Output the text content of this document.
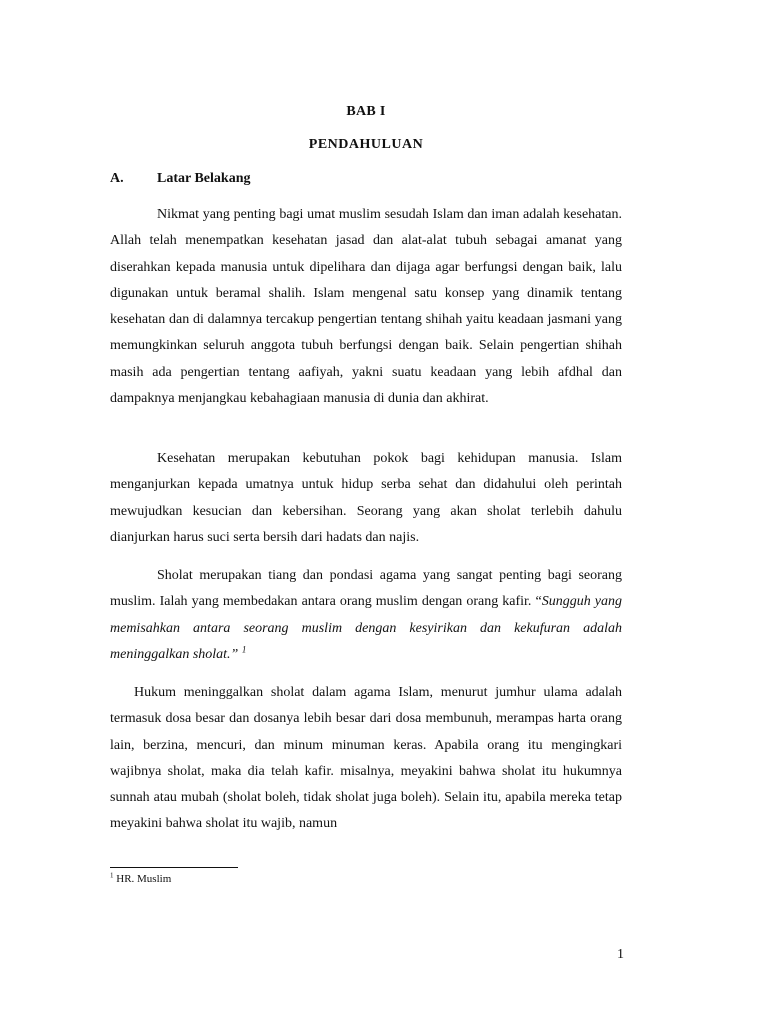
BAB I
PENDAHULUAN
A. Latar Belakang

Nikmat yang penting bagi umat muslim sesudah Islam dan iman adalah kesehatan. Allah telah menempatkan kesehatan jasad dan alat-alat tubuh sebagai amanat yang diserahkan kepada manusia untuk dipelihara dan dijaga agar berfungsi dengan baik, lalu digunakan untuk beramal shalih. Islam mengenal satu konsep yang dinamik tentang kesehatan dan di dalamnya tercakup pengertian tentang shihah yaitu keadaan jasmani yang memungkinkan seluruh anggota tubuh berfungsi dengan baik. Selain pengertian shihah masih ada pengertian tentang aafiyah, yakni suatu keadaan yang lebih afdhal dan dampaknya menjangkau kebahagiaan manusia di dunia dan akhirat.

Kesehatan merupakan kebutuhan pokok bagi kehidupan manusia. Islam menganjurkan kepada umatnya untuk hidup serba sehat dan didahului oleh perintah mewujudkan kesucian dan kebersihan. Seorang yang akan sholat terlebih dahulu dianjurkan harus suci serta bersih dari hadats dan najis.

Sholat merupakan tiang dan pondasi agama yang sangat penting bagi seorang muslim. Ialah yang membedakan antara orang muslim dengan orang kafir. “Sungguh yang memisahkan antara seorang muslim dengan kesyirikan dan kekufuran adalah meninggalkan sholat.” $^1$

Hukum meninggalkan sholat dalam agama Islam, menurut jumhur ulama adalah termasuk dosa besar dan dosanya lebih besar dari dosa membunuh, merampas harta orang lain, berzina, mencuri, dan minum minuman keras. Apabila orang itu mengingkari wajibnya sholat, maka dia telah kafir. misalnya, meyakini bahwa sholat itu hukumnya sunnah atau mubah (sholat boleh, tidak sholat juga boleh). Selain itu, apabila mereka tetap meyakini bahwa sholat itu wajib, namun

$^1$ HR. Muslim
1
